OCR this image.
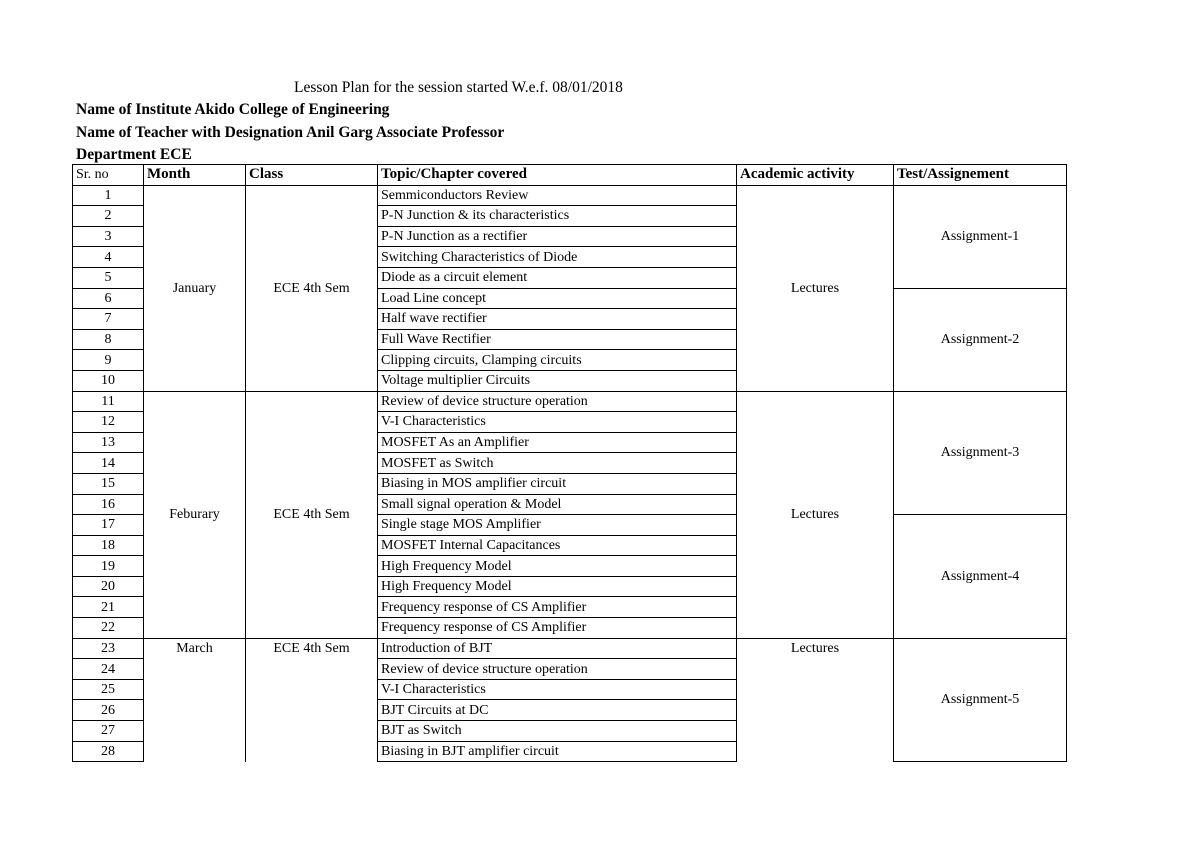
Lesson Plan for the session started W.e.f. 08/01/2018
Name of Institute Akido College of Engineering
Name of Teacher with Designation Anil Garg Associate Professor
Department ECE
Sr. no	Month	Class	Topic/Chapter covered	Academic activity	Test/Assignement
1	January	ECE 4th Sem	Semmiconductors Review	Lectures	Assignment-1
2			P-N Junction & its characteristics		
3			P-N Junction as a rectifier		
4			Switching Characteristics of Diode		
5			Diode as a circuit element		
6			Load Line concept		Assignment-2
7			Half wave rectifier		
8			Full Wave Rectifier		
9			Clipping circuits, Clamping circuits		
10			Voltage multiplier Circuits		
11	Feburary	ECE 4th Sem	Review of device structure operation	Lectures	Assignment-3
12			V-I Characteristics		
13			MOSFET As an Amplifier		
14			MOSFET as Switch		
15			Biasing in MOS amplifier circuit		
16			Small signal operation & Model		
17			Single stage MOS Amplifier		Assignment-4
18			MOSFET Internal Capacitances		
19			High Frequency Model		
20			High Frequency Model		
21			Frequency response of CS Amplifier		
22			Frequency response of CS Amplifier		
23	March	ECE 4th Sem	Introduction of BJT	Lectures	Assignment-5
24			Review of device structure operation		
25			V-I Characteristics		
26			BJT Circuits at DC		
27			BJT as Switch		
28			Biasing in BJT amplifier circuit		
